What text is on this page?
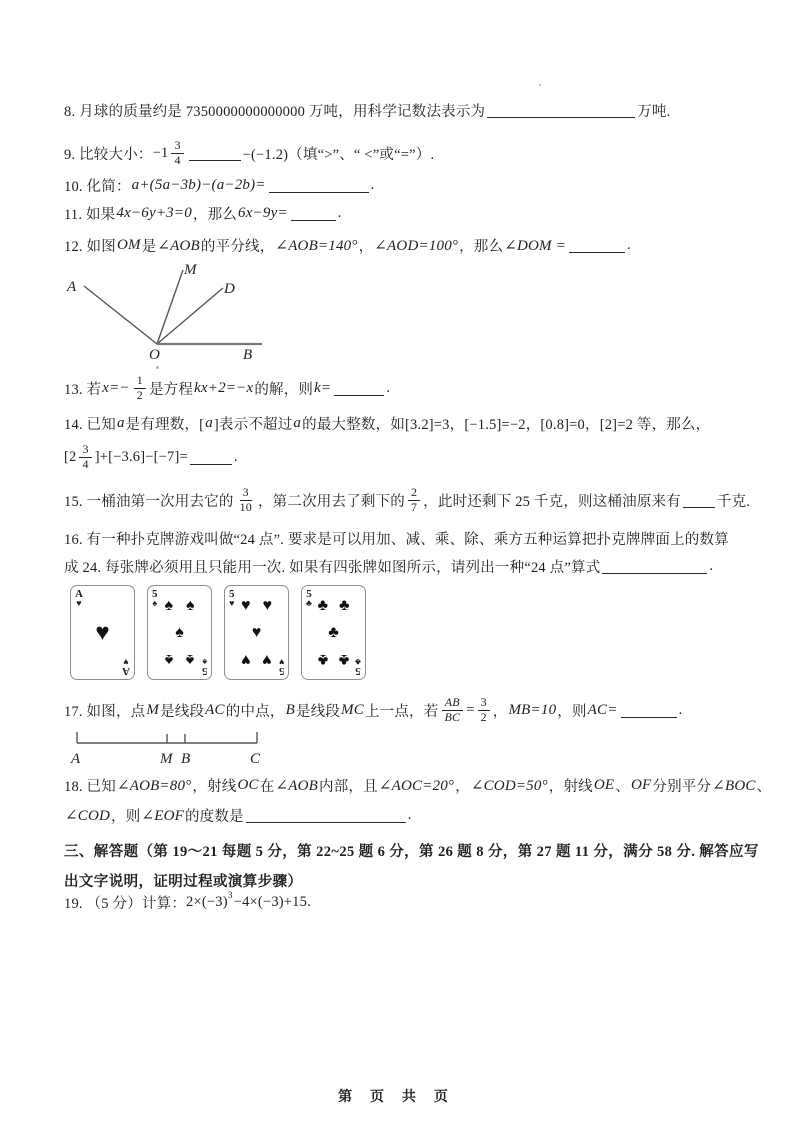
A
M
D
O	B
A
♥
A
♥
♥
5
♠
5
♠
♠ ♠
♠
♠ ♠
5
♥
5
♥
♥ ♥
♥
♥ ♥
5
♣
5
♣
♣ ♣
♣
♣ ♣
A	M B	C
第 页 共 页
8. 月球的质量约是 7350000000000000 万吨，用科学记数法表示为	万吨.
9. 比较大小： $-1 \frac{3}{4}$	−(−1.2)（填“>”、“ <”或“=”）.
10. 化简： a+(5a−3b)−(a−2b)=	.
11. 如果 4x−6y+3=0 ，那么 6x−9y=	.
12. 如图 OM 是 ∠AOB 的平分线， ∠AOB=140° ， ∠AOD=100° ，那么 ∠DOM =	.
13. 若 $x=- \frac{1}{2}$ 是方程 kx+2=−x 的解，则 k=	.
14. 已知 a 是有理数，[ a ]表示不超过 a 的最大整数，如[3.2]=3，[−1.5]=−2，[0.8]=0，[2]=2 等，那么，
$[2 \frac{3}{4} ]+[-3.6]-[-7]=$	.
15. 一桶油第一次用去它的 $\frac{3}{10}$ ，第二次用去了剩下的 $\frac{2}{7}$ ，此时还剩下 25 千克，则这桶油原来有 千克.
16. 有一种扑克牌游戏叫做“24 点”. 要求是可以用加、减、乘、除、乘方五种运算把扑克牌牌面上的数算
成 24. 每张牌必须用且只能用一次. 如果有四张牌如图所示，请列出一种“24 点”算式	.
17. 如图，点 M 是线段 AC 的中点， B 是线段 MC 上一点，若 $\frac{AB}{BC} = \frac{3}{2}$ ， MB=10 ，则 AC=	.
18. 已知 ∠AOB=80° ，射线 OC 在 ∠AOB 内部，且 ∠AOC=20° ， ∠COD=50° ，射线 OE 、 OF 分别平分 ∠BOC 、
∠COD ，则 ∠EOF 的度数是	.
三、解答题（第 19～21 每题 5 分，第 22~25 题 6 分，第 26 题 8 分，第 27 题 11 分，满分 58 分. 解答应写
出文字说明，证明过程或演算步骤）
19. （5 分）计算： 2×(−3) 3 −4×(−3)+15 .
